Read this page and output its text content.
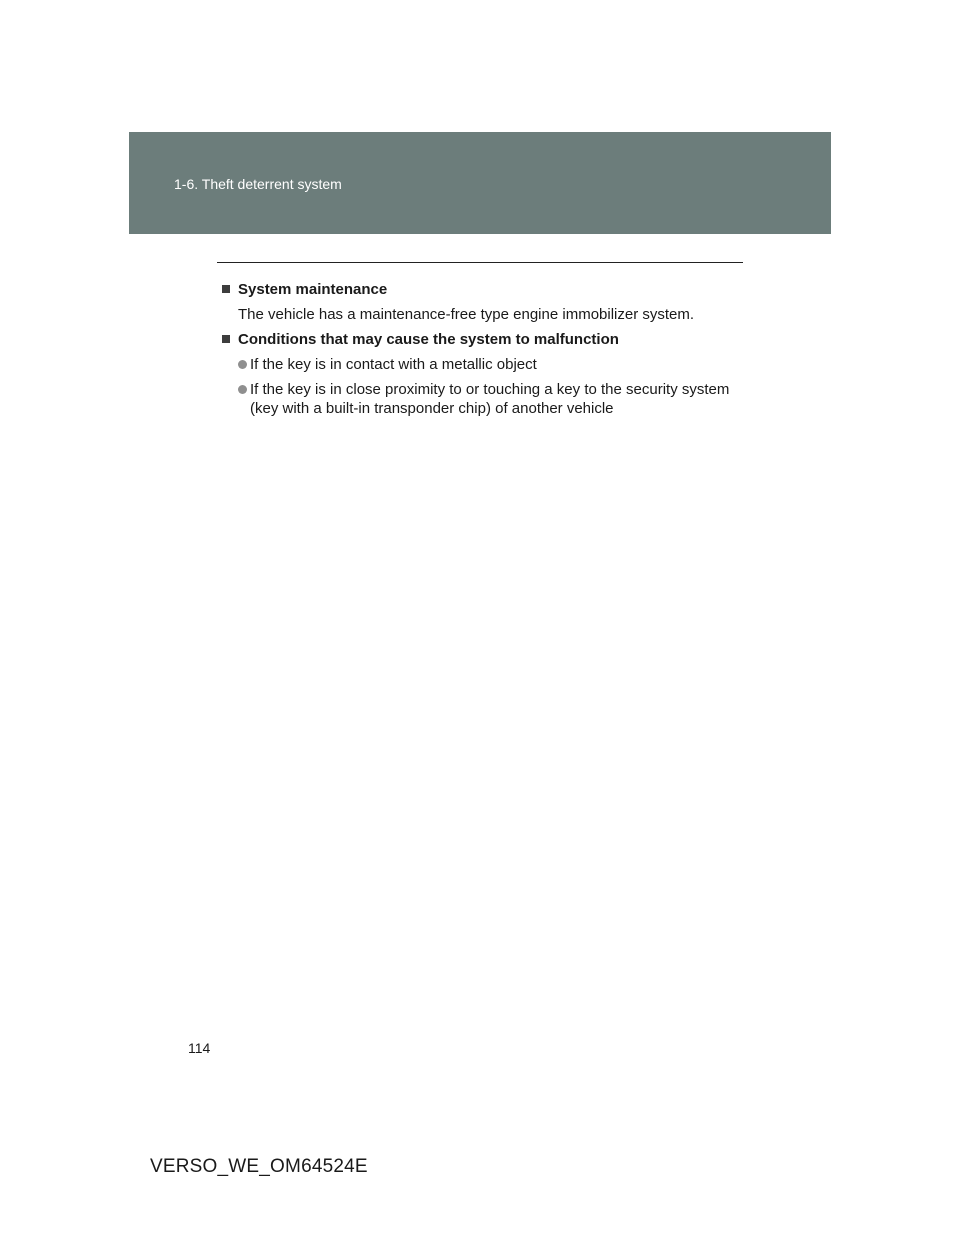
1-6. Theft deterrent system
System maintenance
The vehicle has a maintenance-free type engine immobilizer system.
Conditions that may cause the system to malfunction
If the key is in contact with a metallic object
If the key is in close proximity to or touching a key to the security system (key with a built-in transponder chip) of another vehicle
114
VERSO_WE_OM64524E
